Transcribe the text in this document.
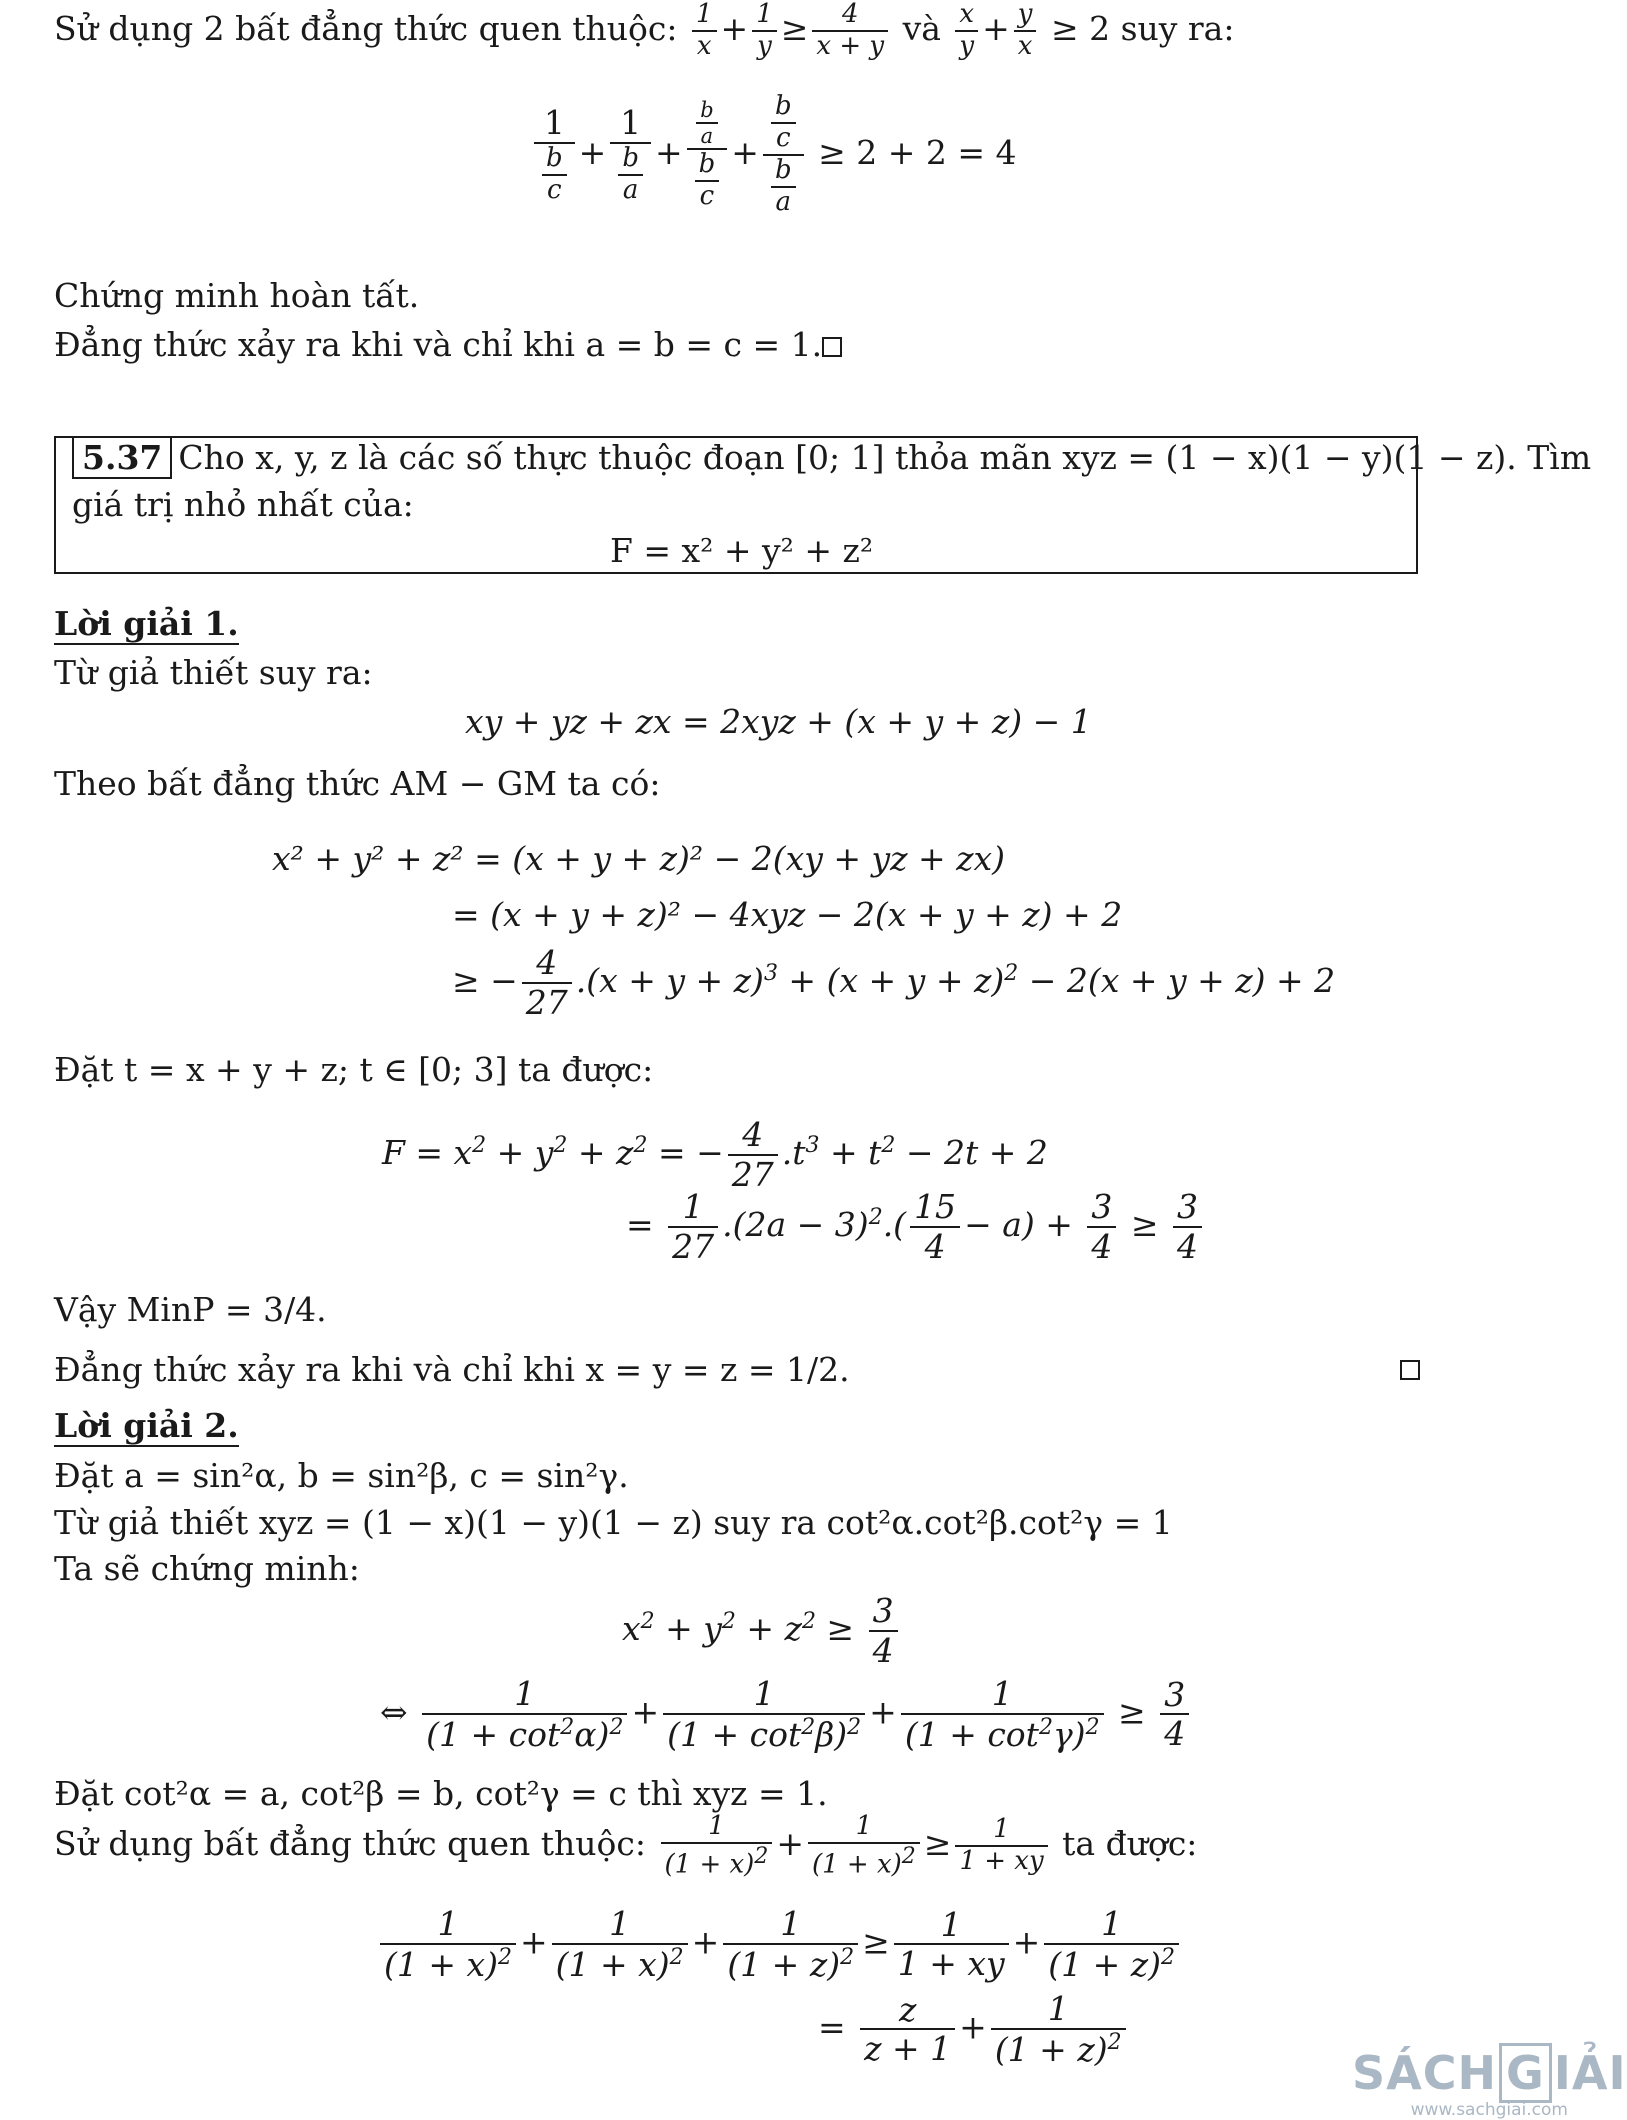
Sử dụng 2 bất đẳng thức quen thuộc: $\frac{1}{x} + \frac{1}{y} \ge \frac{4}{x + y}$ và $\frac{x}{y} + \frac{y}{x} \ge 2$ suy ra:
$\frac{1}{\frac{b}{c}} + \frac{1}{\frac{b}{a}} + \frac{\frac{b}{a}}{\frac{b}{c}} + \frac{\frac{b}{c}}{\frac{b}{a}} \ge 2 + 2 = 4$
Chứng minh hoàn tất.
Đẳng thức xảy ra khi và chỉ khi a = b = c = 1.
5.37 Cho x, y, z là các số thực thuộc đoạn [0; 1] thỏa mãn xyz = (1 − x)(1 − y)(1 − z). Tìm
giá trị nhỏ nhất của:
F = x² + y² + z²
Lời giải 1.
Từ giả thiết suy ra:
xy + yz + zx = 2xyz + (x + y + z) − 1
Theo bất đẳng thức AM − GM ta có:
x² + y² + z² = (x + y + z)² − 2(xy + yz + zx)
= (x + y + z)² − 4xyz − 2(x + y + z) + 2
≥ − $\frac{4}{27} .(x + y + z)^3 + (x + y + z)^2 - 2(x + y + z) + 2$
Đặt t = x + y + z; t ∈ [0; 3] ta được:
$F = x^2 + y^2 + z^2$ = − $\frac{4}{27} .t^3 + t^2 - 2t + 2$
= $\frac{1}{27} .(2a - 3)^2.( \frac{15}{4} - a) + \frac{3}{4} \ge \frac{3}{4}$
Vậy MinP = 3/4.
Đẳng thức xảy ra khi và chỉ khi x = y = z = 1/2.
Lời giải 2.
Đặt a = sin²α, b = sin²β, c = sin²γ.
Từ giả thiết xyz = (1 − x)(1 − y)(1 − z) suy ra cot²α.cot²β.cot²γ = 1
Ta sẽ chứng minh:
$x^2 + y^2 + z^2 \ge \frac{3}{4}$
⇔ $\frac{1}{(1 + \cot^2\alpha)^2} + \frac{1}{(1 + \cot^2\beta)^2} + \frac{1}{(1 + \cot^2\gamma)^2} \ge \frac{3}{4}$
Đặt cot²α = a, cot²β = b, cot²γ = c thì xyz = 1.
Sử dụng bất đẳng thức quen thuộc: $\frac{1}{(1 + x)^2} + \frac{1}{(1 + x)^2} \ge \frac{1}{1 + xy}$ ta được:
$\frac{1}{(1 + x)^2} + \frac{1}{(1 + x)^2} + \frac{1}{(1 + z)^2} \ge \frac{1}{1 + xy} + \frac{1}{(1 + z)^2}$
= $\frac{z}{z + 1} + \frac{1}{(1 + z)^2}$
SÁCH G IẢI
www.sachgiai.com
